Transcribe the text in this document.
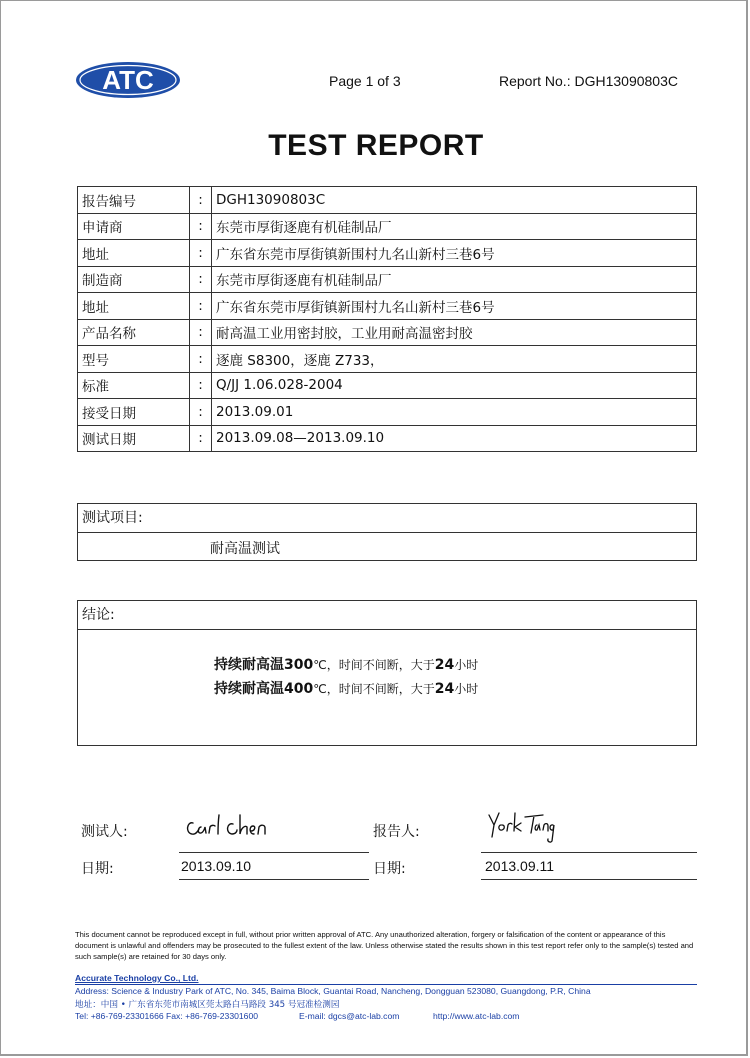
ATC	Page 1 of 3	Report No.: DGH13090803C
TEST REPORT
报告编号	:	DGH13090803C
申请商	:	东莞市厚街逐鹿有机硅制品厂
地址	:	广东省东莞市厚街镇新围村九名山新村三巷6号
制造商	:	东莞市厚街逐鹿有机硅制品厂
地址	:	广东省东莞市厚街镇新围村九名山新村三巷6号
产品名称	:	耐高温工业用密封胶，工业用耐高温密封胶
型号	:	逐鹿 S8300，逐鹿 Z733，
标准	:	Q/JJ 1.06.028-2004
接受日期	:	2013.09.01
测试日期	:	2013.09.08—2013.09.10
测试项目:
耐高温测试
结论:
持续耐高温300℃，时间不间断，大于24小时
持续耐高温400℃，时间不间断，大于24小时
测试人:	报告人:
日期:	2013.09.10	日期:	2013.09.11
This document cannot be reproduced except in full, without prior written approval of ATC. Any unauthorized alteration, forgery or falsification of the content or appearance of this document is unlawful and offenders may be prosecuted to the fullest extent of the law. Unless otherwise stated the results shown in this test report refer only to the sample(s) tested and such sample(s) are retained for 30 days only.
Accurate Technology Co., Ltd.
Address: Science & Industry Park of ATC, No. 345, Baima Block, Guantai Road, Nancheng, Dongguan 523080, Guangdong, P.R, China
地址：中国 • 广东省东莞市南城区莞太路白马路段 345 号冠准检测园
Tel: +86-769-23301666 Fax: +86-769-23301600	E-mail: dgcs@atc-lab.com	http://www.atc-lab.com
